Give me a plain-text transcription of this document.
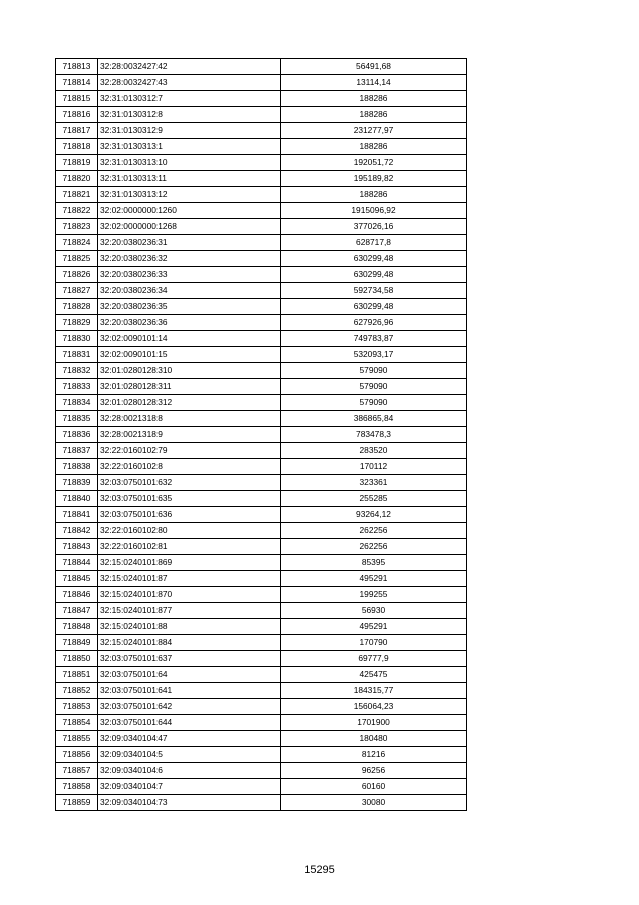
718813	32:28:0032427:42	56491,68
718814	32:28:0032427:43	13114,14
718815	32:31:0130312:7	188286
718816	32:31:0130312:8	188286
718817	32:31:0130312:9	231277,97
718818	32:31:0130313:1	188286
718819	32:31:0130313:10	192051,72
718820	32:31:0130313:11	195189,82
718821	32:31:0130313:12	188286
718822	32:02:0000000:1260	1915096,92
718823	32:02:0000000:1268	377026,16
718824	32:20:0380236:31	628717,8
718825	32:20:0380236:32	630299,48
718826	32:20:0380236:33	630299,48
718827	32:20:0380236:34	592734,58
718828	32:20:0380236:35	630299,48
718829	32:20:0380236:36	627926,96
718830	32:02:0090101:14	749783,87
718831	32:02:0090101:15	532093,17
718832	32:01:0280128:310	579090
718833	32:01:0280128:311	579090
718834	32:01:0280128:312	579090
718835	32:28:0021318:8	386865,84
718836	32:28:0021318:9	783478,3
718837	32:22:0160102:79	283520
718838	32:22:0160102:8	170112
718839	32:03:0750101:632	323361
718840	32:03:0750101:635	255285
718841	32:03:0750101:636	93264,12
718842	32:22:0160102:80	262256
718843	32:22:0160102:81	262256
718844	32:15:0240101:869	85395
718845	32:15:0240101:87	495291
718846	32:15:0240101:870	199255
718847	32:15:0240101:877	56930
718848	32:15:0240101:88	495291
718849	32:15:0240101:884	170790
718850	32:03:0750101:637	69777,9
718851	32:03:0750101:64	425475
718852	32:03:0750101:641	184315,77
718853	32:03:0750101:642	156064,23
718854	32:03:0750101:644	1701900
718855	32:09:0340104:47	180480
718856	32:09:0340104:5	81216
718857	32:09:0340104:6	96256
718858	32:09:0340104:7	60160
718859	32:09:0340104:73	30080
15295
